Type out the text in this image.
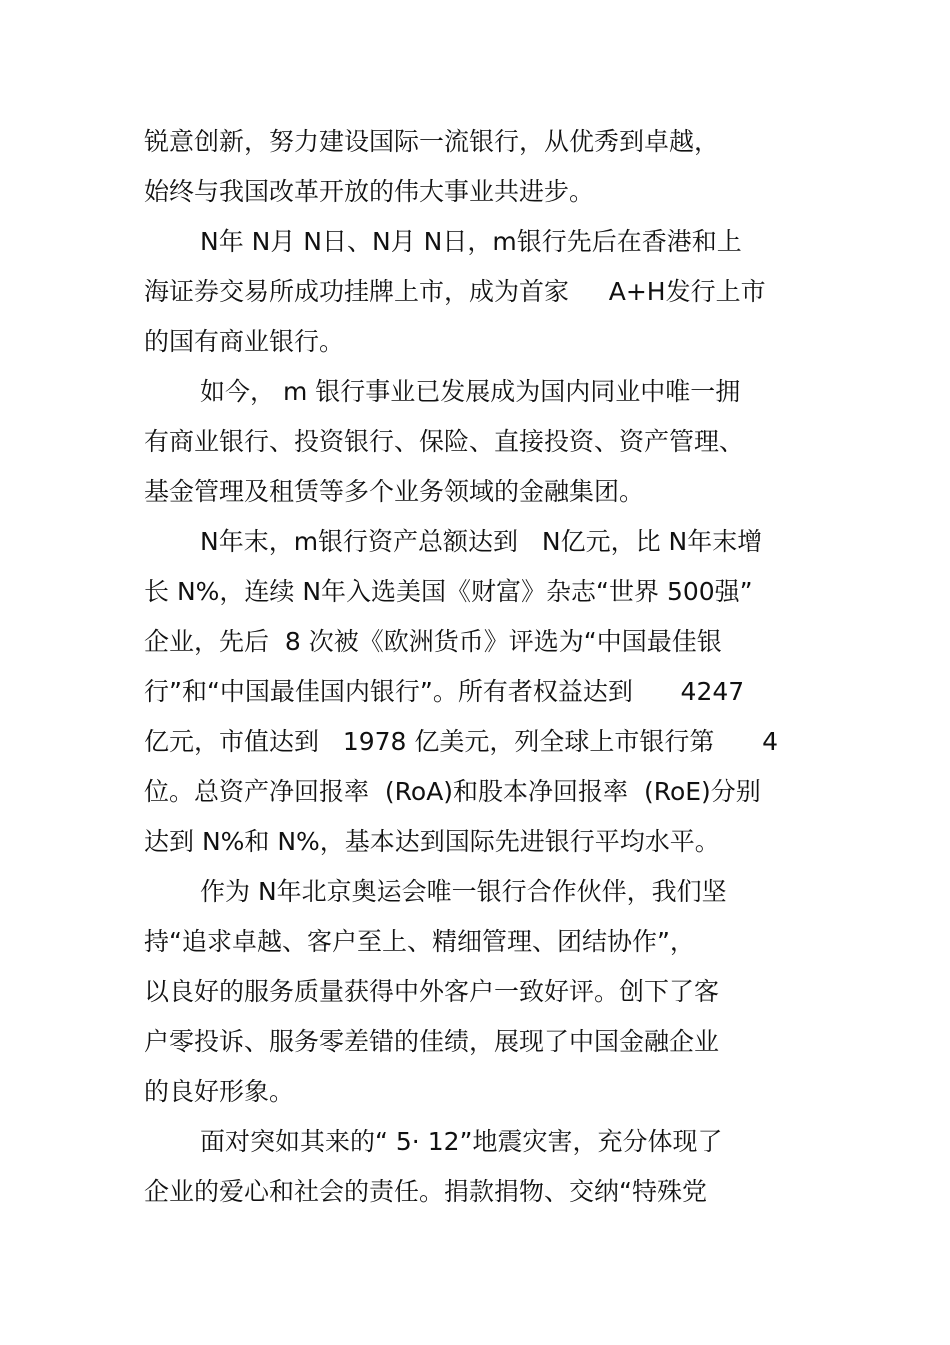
锐意创新，努力建设国际一流银行，从优秀到卓越，
始终与我国改革开放的伟大事业共进步。
N年 N月 N日、N月 N日，m银行先后在香港和上
海证券交易所成功挂牌上市，成为首家     A+H发行上市
的国有商业银行。
如今， m 银行事业已发展成为国内同业中唯一拥
有商业银行、投资银行、保险、直接投资、资产管理、
基金管理及租赁等多个业务领域的金融集团。
N年末，m银行资产总额达到   N亿元，比 N年末增
长 N%，连续 N年入选美国《财富》杂志“世界 500强”
企业，先后  8 次被《欧洲货币》评选为“中国最佳银
行”和“中国最佳国内银行”。所有者权益达到      4247
亿元，市值达到   1978 亿美元，列全球上市银行第      4
位。总资产净回报率  (RoA)和股本净回报率  (RoE)分别
达到 N%和 N%，基本达到国际先进银行平均水平。
作为 N年北京奥运会唯一银行合作伙伴，我们坚
持“追求卓越、客户至上、精细管理、团结协作”，
以良好的服务质量获得中外客户一致好评。创下了客
户零投诉、服务零差错的佳绩，展现了中国金融企业
的良好形象。
面对突如其来的“ 5· 12”地震灾害，充分体现了
企业的爱心和社会的责任。捐款捐物、交纳“特殊党
